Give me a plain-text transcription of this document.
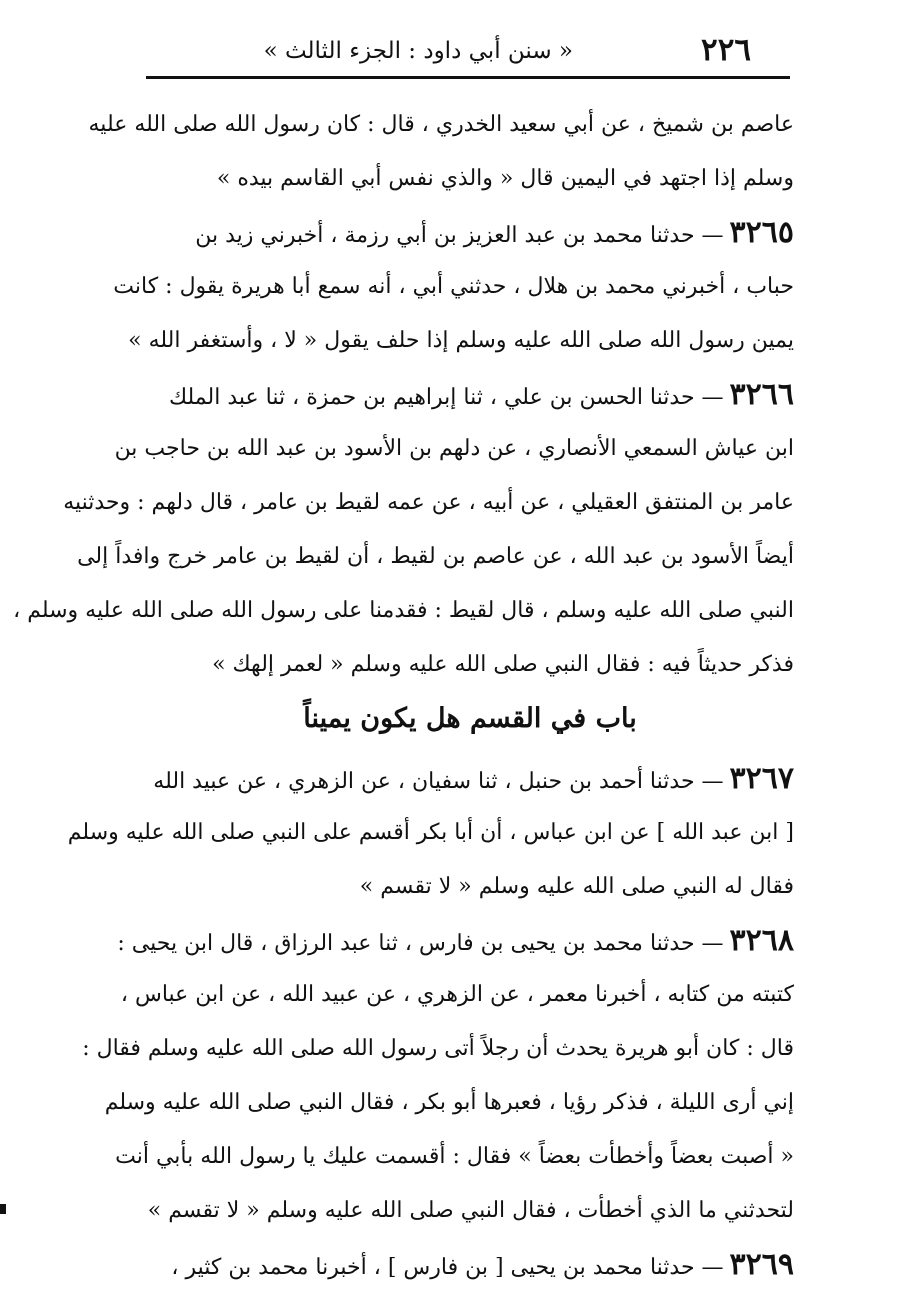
٢٢٦
« سنن أبي داود : الجزء الثالث »
عاصم بن شميخ ، عن أبي سعيد الخدري ، قال : كان رسول الله صلى الله عليه
وسلم إذا اجتهد في اليمين قال « والذي نفس أبي القاسم بيده »
٣٢٦٥— حدثنا محمد بن عبد العزيز بن أبي رزمة ، أخبرني زيد بن
حباب ، أخبرني محمد بن هلال ، حدثني أبي ، أنه سمع أبا هريرة يقول : كانت
يمين رسول الله صلى الله عليه وسلم إذا حلف يقول « لا ، وأستغفر الله »
٣٢٦٦— حدثنا الحسن بن علي ، ثنا إبراهيم بن حمزة ، ثنا عبد الملك
ابن عياش السمعي الأنصاري ، عن دلهم بن الأسود بن عبد الله بن حاجب بن
عامر بن المنتفق العقيلي ، عن أبيه ، عن عمه لقيط بن عامر ، قال دلهم : وحدثنيه
أيضاً الأسود بن عبد الله ، عن عاصم بن لقيط ، أن لقيط بن عامر خرج وافداً إلى
النبي صلى الله عليه وسلم ، قال لقيط : فقدمنا على رسول الله صلى الله عليه وسلم ،
فذكر حديثاً فيه : فقال النبي صلى الله عليه وسلم « لعمر إلهك »
باب في القسم هل يكون يميناً
٣٢٦٧— حدثنا أحمد بن حنبل ، ثنا سفيان ، عن الزهري ، عن عبيد الله
[ ابن عبد الله ] عن ابن عباس ، أن أبا بكر أقسم على النبي صلى الله عليه وسلم
فقال له النبي صلى الله عليه وسلم « لا تقسم »
٣٢٦٨— حدثنا محمد بن يحيى بن فارس ، ثنا عبد الرزاق ، قال ابن يحيى :
كتبته من كتابه ، أخبرنا معمر ، عن الزهري ، عن عبيد الله ، عن ابن عباس ،
قال : كان أبو هريرة يحدث أن رجلاً أتى رسول الله صلى الله عليه وسلم فقال :
إني أرى الليلة ، فذكر رؤيا ، فعبرها أبو بكر ، فقال النبي صلى الله عليه وسلم
« أصبت بعضاً وأخطأت بعضاً » فقال : أقسمت عليك يا رسول الله بأبي أنت
لتحدثني ما الذي أخطأت ، فقال النبي صلى الله عليه وسلم « لا تقسم »
٣٢٦٩— حدثنا محمد بن يحيى [ بن فارس ] ، أخبرنا محمد بن كثير ،
